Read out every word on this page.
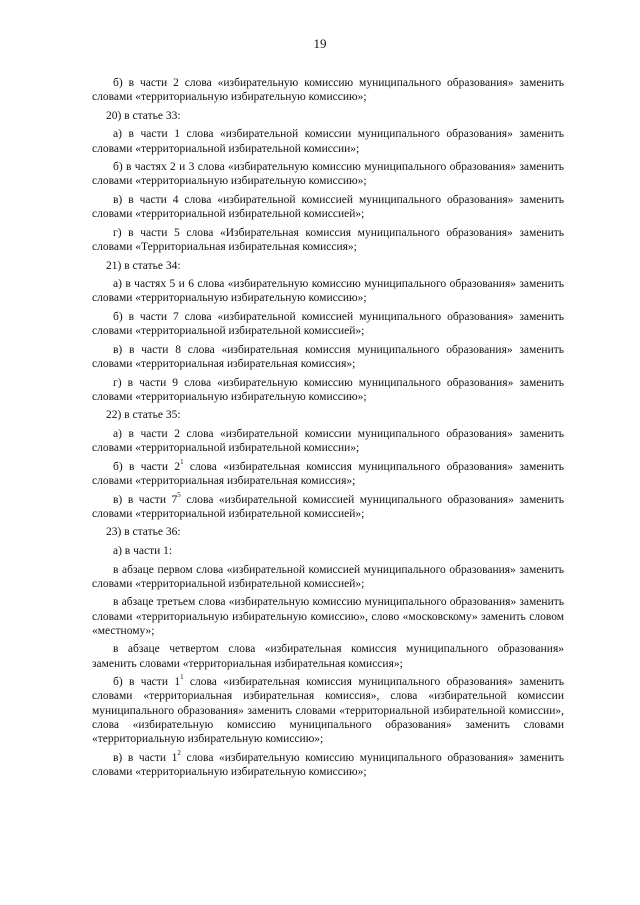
19

б) в части 2 слова «избирательную комиссию муниципального образования» заменить словами «территориальную избирательную комиссию»;

20) в статье 33:

а) в части 1 слова «избирательной комиссии муниципального образования» заменить словами «территориальной избирательной комиссии»;

б) в частях 2 и 3 слова «избирательную комиссию муниципального образования» заменить словами «территориальную избирательную комиссию»;

в) в части 4 слова «избирательной комиссией муниципального образования» заменить словами «территориальной избирательной комиссией»;

г) в части 5 слова «Избирательная комиссия муниципального образования» заменить словами «Территориальная избирательная комиссия»;

21) в статье 34:

а) в частях 5 и 6 слова «избирательную комиссию муниципального образования» заменить словами «территориальную избирательную комиссию»;

б) в части 7 слова «избирательной комиссией муниципального образования» заменить словами «территориальной избирательной комиссией»;

в) в части 8 слова «избирательная комиссия муниципального образования» заменить словами «территориальная избирательная комиссия»;

г) в части 9 слова «избирательную комиссию муниципального образования» заменить словами «территориальную избирательную комиссию»;

22) в статье 35:

а) в части 2 слова «избирательной комиссии муниципального образования» заменить словами «территориальной избирательной комиссии»;

б) в части $2^1$ слова «избирательная комиссия муниципального образования» заменить словами «территориальная избирательная комиссия»;

в) в части $7^5$ слова «избирательной комиссией муниципального образования» заменить словами «территориальной избирательной комиссией»;

23) в статье 36:

а) в части 1:

в абзаце первом слова «избирательной комиссией муниципального образования» заменить словами «территориальной избирательной комиссией»;

в абзаце третьем слова «избирательную комиссию муниципального образования» заменить словами «территориальную избирательную комиссию», слово «московскому» заменить словом «местному»;

в абзаце четвертом слова «избирательная комиссия муниципального образования» заменить словами «территориальная избирательная комиссия»;

б) в части $1^1$ слова «избирательная комиссия муниципального образования» заменить словами «территориальная избирательная комиссия», слова «избирательной комиссии муниципального образования» заменить словами «территориальной избирательной комиссии», слова «избирательную комиссию муниципального образования» заменить словами «территориальную избирательную комиссию»;

в) в части $1^2$ слова «избирательную комиссию муниципального образования» заменить словами «территориальную избирательную комиссию»;
